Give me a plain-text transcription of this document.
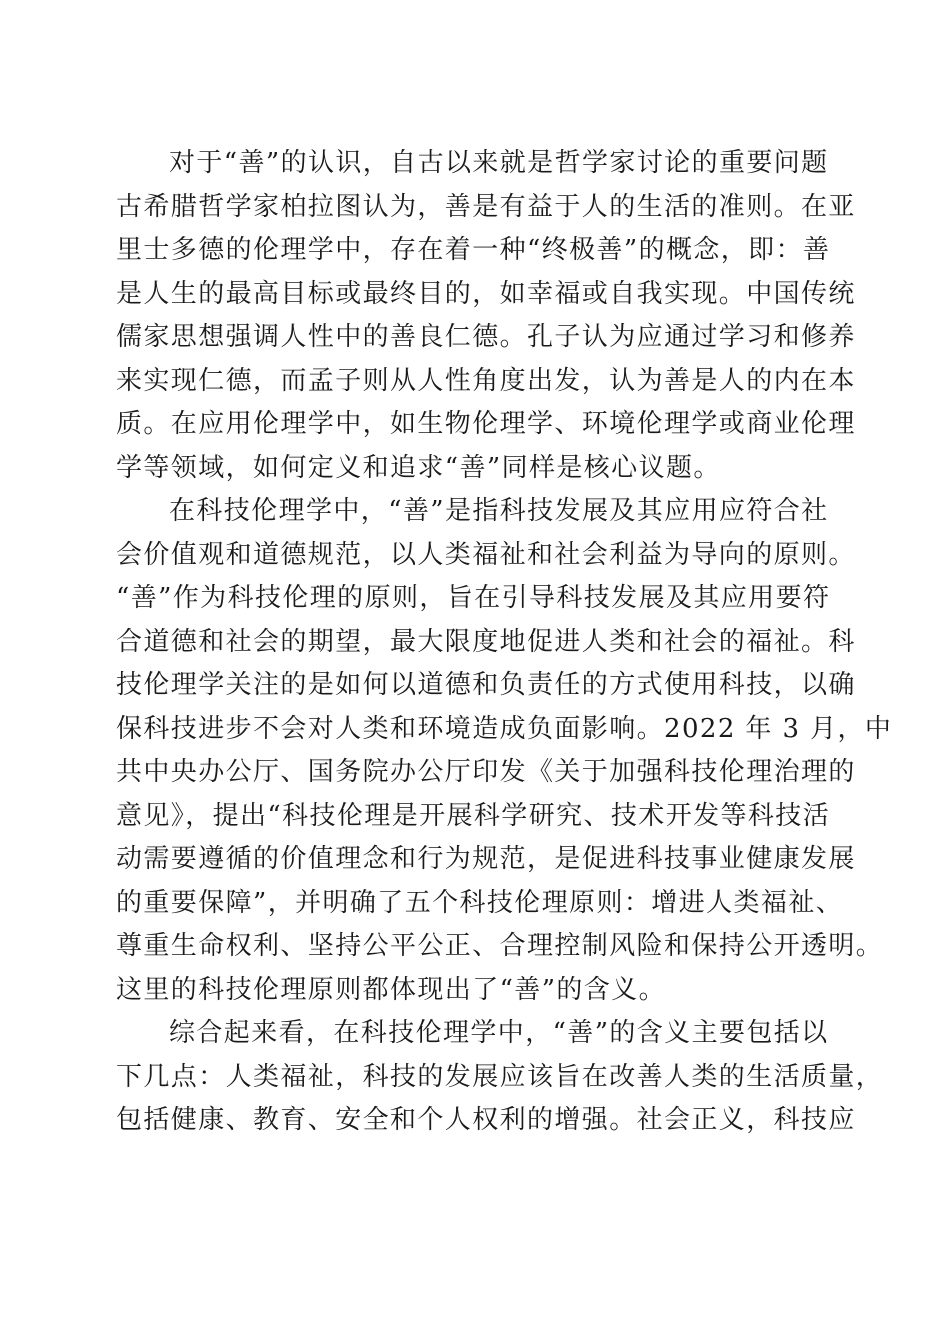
对于“善”的认识，自古以来就是哲学家讨论的重要问题
古希腊哲学家柏拉图认为，善是有益于人的生活的准则。在亚
里士多德的伦理学中，存在着一种“终极善”的概念，即：善
是人生的最高目标或最终目的，如幸福或自我实现。中国传统
儒家思想强调人性中的善良仁德。孔子认为应通过学习和修养
来实现仁德，而孟子则从人性角度出发，认为善是人的内在本
质。在应用伦理学中，如生物伦理学、环境伦理学或商业伦理
学等领域，如何定义和追求“善”同样是核心议题。
在科技伦理学中，“善”是指科技发展及其应用应符合社
会价值观和道德规范，以人类福祉和社会利益为导向的原则。
“善”作为科技伦理的原则，旨在引导科技发展及其应用要符
合道德和社会的期望，最大限度地促进人类和社会的福祉。科
技伦理学关注的是如何以道德和负责任的方式使用科技，以确
保科技进步不会对人类和环境造成负面影响。2022 年 3 月，中
共中央办公厅、国务院办公厅印发《关于加强科技伦理治理的
意见》，提出“科技伦理是开展科学研究、技术开发等科技活
动需要遵循的价值理念和行为规范，是促进科技事业健康发展
的重要保障”，并明确了五个科技伦理原则：增进人类福祉、
尊重生命权利、坚持公平公正、合理控制风险和保持公开透明。
这里的科技伦理原则都体现出了“善”的含义。
综合起来看，在科技伦理学中，“善”的含义主要包括以
下几点：人类福祉，科技的发展应该旨在改善人类的生活质量，
包括健康、教育、安全和个人权利的增强。社会正义，科技应
